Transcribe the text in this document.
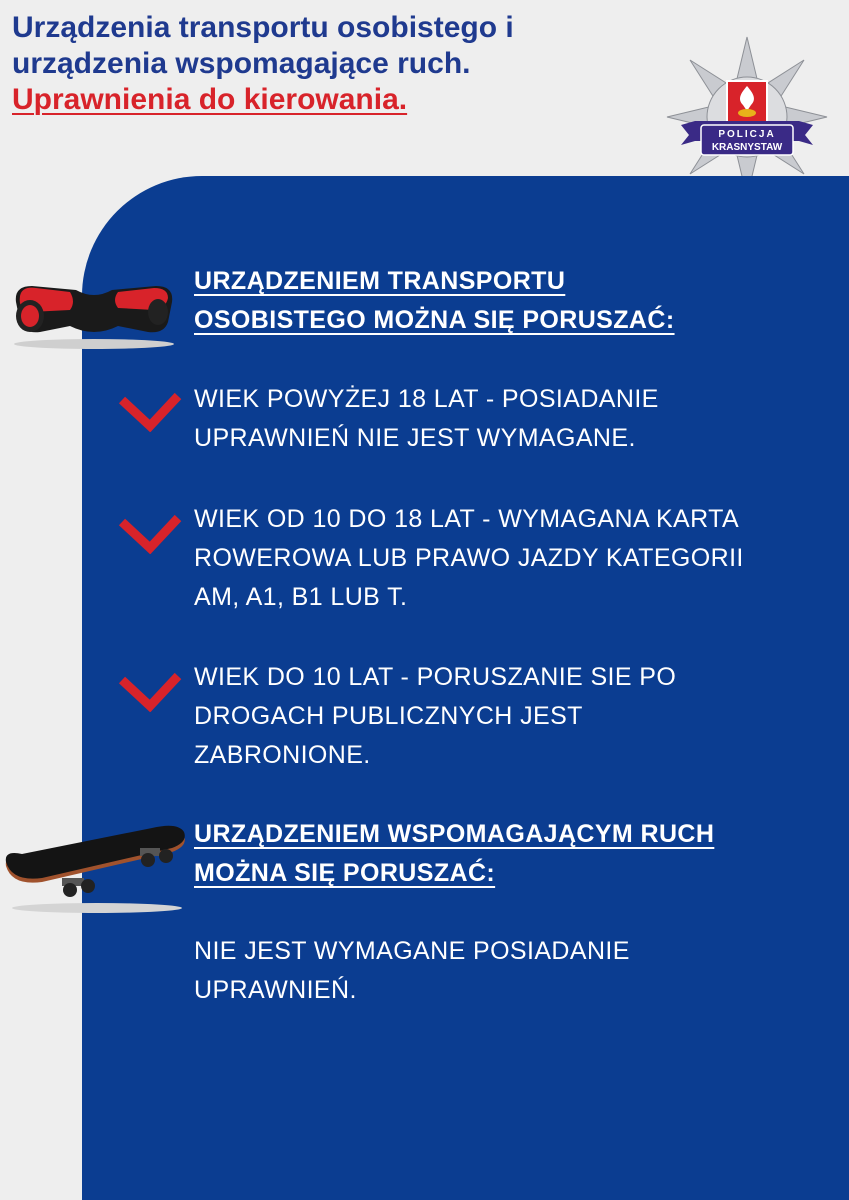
Urządzenia transportu osobistego i
urządzenia wspomagające ruch.
Uprawnienia do kierowania.
POLICJA
KRASNYSTAW
URZĄDZENIEM TRANSPORTU
OSOBISTEGO MOŻNA SIĘ PORUSZAĆ:
WIEK POWYŻEJ 18 LAT - POSIADANIE
UPRAWNIEŃ NIE JEST WYMAGANE.
WIEK OD 10 DO 18 LAT - WYMAGANA KARTA
ROWEROWA LUB PRAWO JAZDY KATEGORII
AM, A1, B1 LUB T.
WIEK DO 10 LAT - PORUSZANIE SIE PO
DROGACH PUBLICZNYCH JEST
ZABRONIONE.
URZĄDZENIEM WSPOMAGAJĄCYM RUCH
MOŻNA SIĘ PORUSZAĆ:
NIE JEST WYMAGANE POSIADANIE
UPRAWNIEŃ.
